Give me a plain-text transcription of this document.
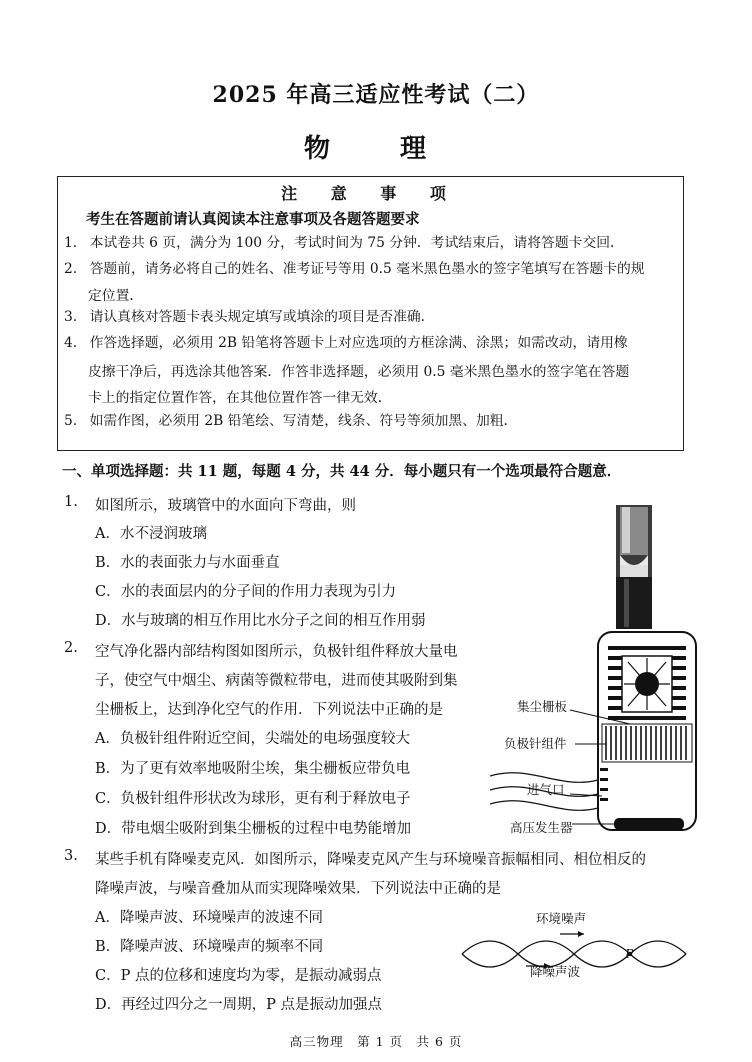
2025 年高三适应性考试（二）
物　理
注 意 事 项
考生在答题前请认真阅读本注意事项及各题答题要求
1. 本试卷共 6 页，满分为 100 分，考试时间为 75 分钟．考试结束后，请将答题卡交回．
2. 答题前，请务必将自己的姓名、准考证号等用 0.5 毫米黑色墨水的签字笔填写在答题卡的规
定位置．
3. 请认真核对答题卡表头规定填写或填涂的项目是否准确．
4. 作答选择题，必须用 2B 铅笔将答题卡上对应选项的方框涂满、涂黑；如需改动，请用橡
皮擦干净后，再选涂其他答案．作答非选择题，必须用 0.5 毫米黑色墨水的签字笔在答题
卡上的指定位置作答，在其他位置作答一律无效．
5. 如需作图，必须用 2B 铅笔绘、写清楚，线条、符号等须加黑、加粗．
一、单项选择题：共 11 题，每题 4 分，共 44 分．每小题只有一个选项最符合题意．
1. 如图所示，玻璃管中的水面向下弯曲，则
A．水不浸润玻璃
B．水的表面张力与水面垂直
C．水的表面层内的分子间的作用力表现为引力
D．水与玻璃的相互作用比水分子之间的相互作用弱
2. 空气净化器内部结构图如图所示，负极针组件释放大量电
子，使空气中烟尘、病菌等微粒带电，进而使其吸附到集
尘栅板上，达到净化空气的作用．下列说法中正确的是
A．负极针组件附近空间，尖端处的电场强度较大
B．为了更有效率地吸附尘埃，集尘栅板应带负电
C．负极针组件形状改为球形，更有利于释放电子
D．带电烟尘吸附到集尘栅板的过程中电势能增加
集尘栅板
负极针组件
进气口
高压发生器
3. 某些手机有降噪麦克风．如图所示，降噪麦克风产生与环境噪音振幅相同、相位相反的
降噪声波，与噪音叠加从而实现降噪效果．下列说法中正确的是
A．降噪声波、环境噪声的波速不同
B．降噪声波、环境噪声的频率不同
C．P 点的位移和速度均为零，是振动减弱点
D．再经过四分之一周期，P 点是振动加强点
环境噪声
P
降噪声波
高三物理　第 1 页　共 6 页
